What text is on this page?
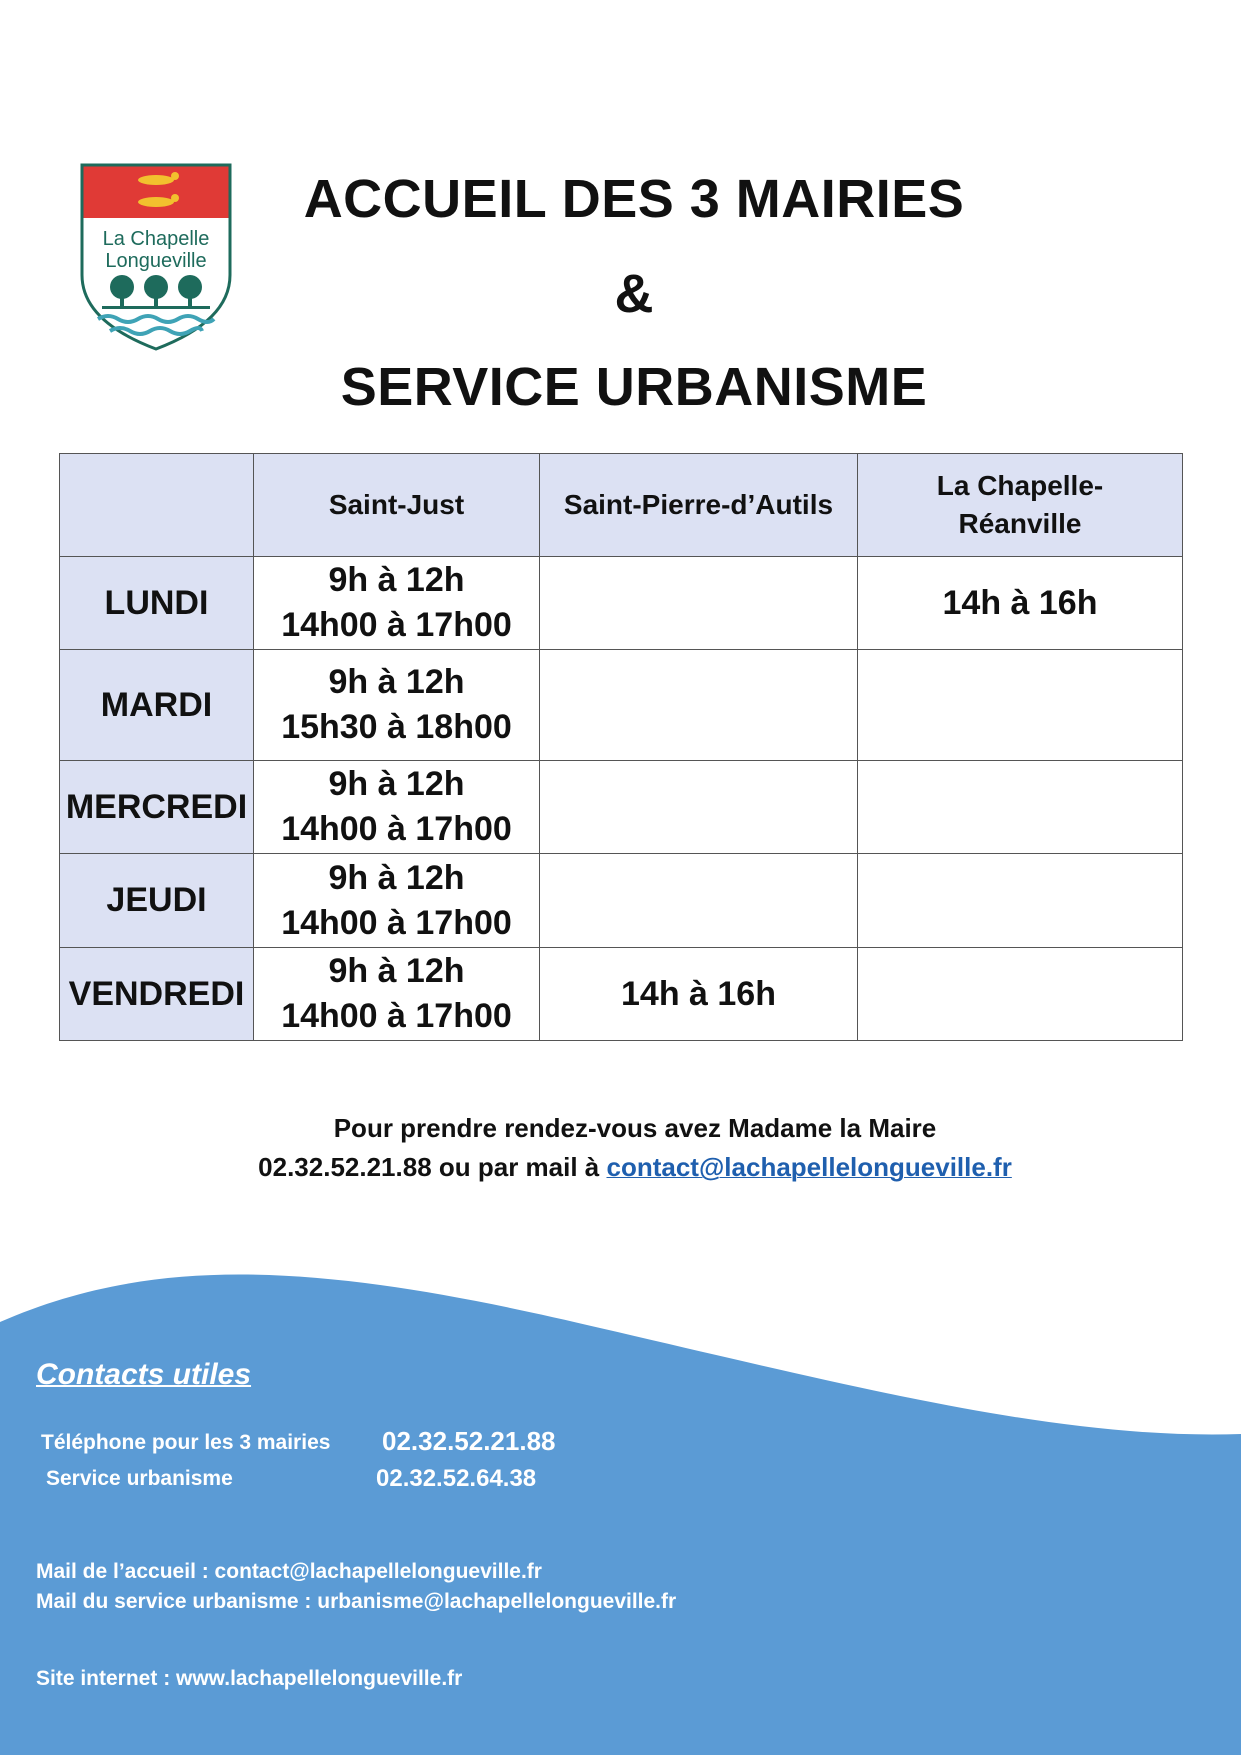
La Chapelle
Longueville
ACCUEIL DES 3 MAIRIES
&
SERVICE URBANISME
	Saint-Just	Saint-Pierre-d’Autils	La Chapelle-
Réanville

LUNDI	9h à 12h
14h00 à 17h00		14h à 16h
MARDI	9h à 12h
15h30 à 18h00		

MERCREDI	9h à 12h
14h00 à 17h00		

JEUDI	9h à 12h
14h00 à 17h00		

VENDREDI	9h à 12h
14h00 à 17h00	14h à 16h	
Pour prendre rendez-vous avez Madame la Maire
02.32.52.21.88 ou par mail à contact@lachapellelongueville.fr
Contacts utiles
Téléphone pour les 3 mairies 02.32.52.21.88
Service urbanisme	02.32.52.64.38
Mail de l’accueil : contact@lachapellelongueville.fr
Mail du service urbanisme : urbanisme@lachapellelongueville.fr
Site internet : www.lachapellelongueville.fr
